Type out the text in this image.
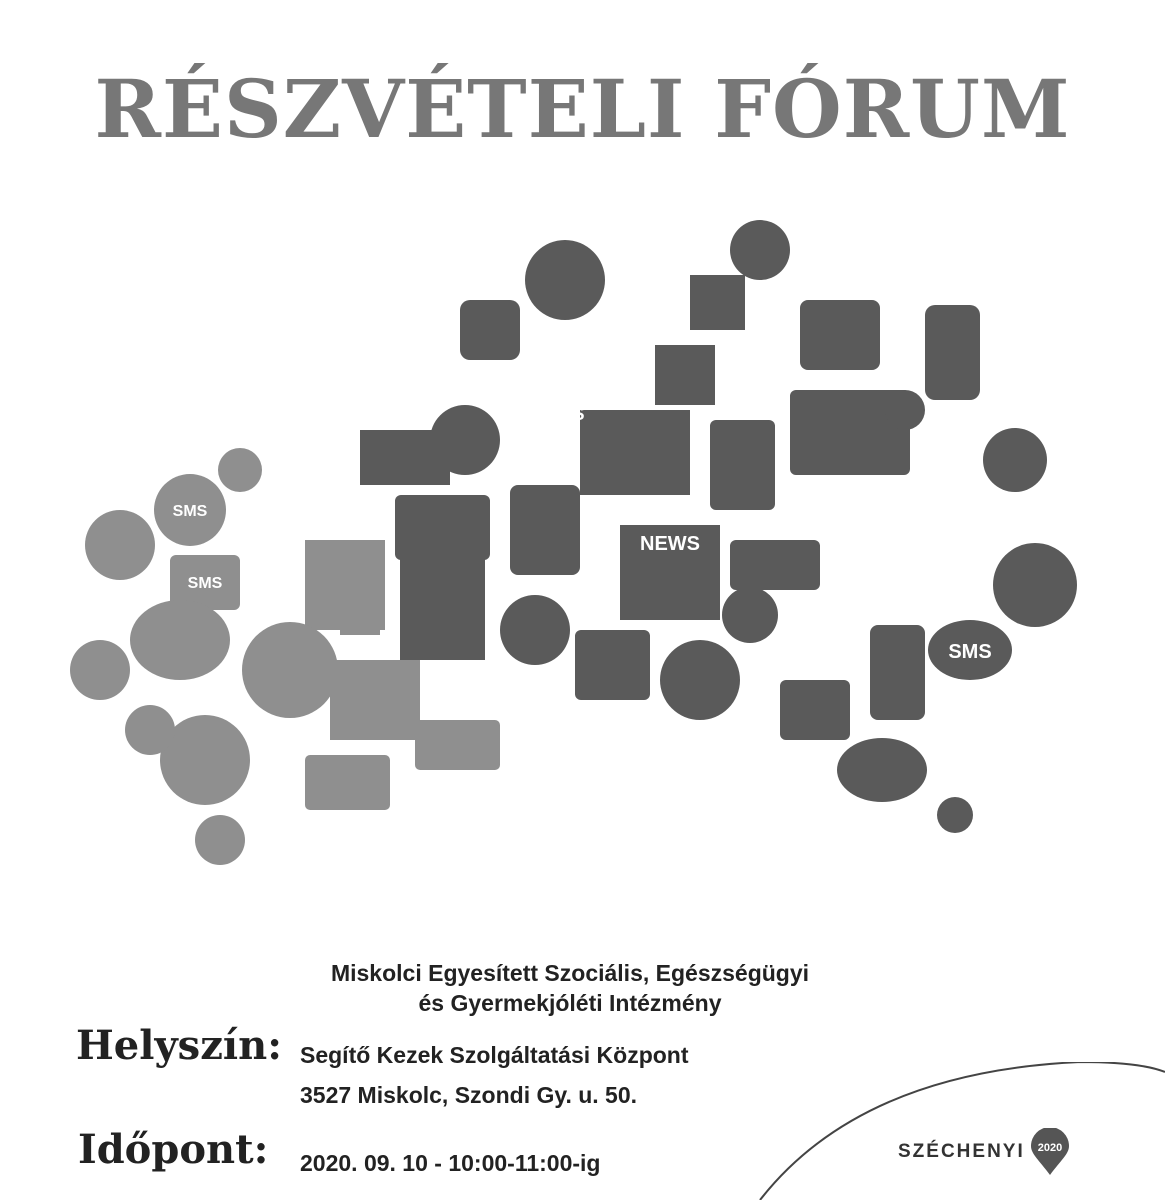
RÉSZVÉTELI FÓRUM
SMS
SMS
SMS
SMS
NEWS
Miskolci Egyesített Szociális, Egészségügyi
és Gyermekjóléti Intézmény
Helyszín: Segítő Kezek Szolgáltatási Központ
3527 Miskolc, Szondi Gy. u. 50.
Időpont: 2020. 09. 10 - 10:00-11:00-ig	SZÉCHENYI 2020
